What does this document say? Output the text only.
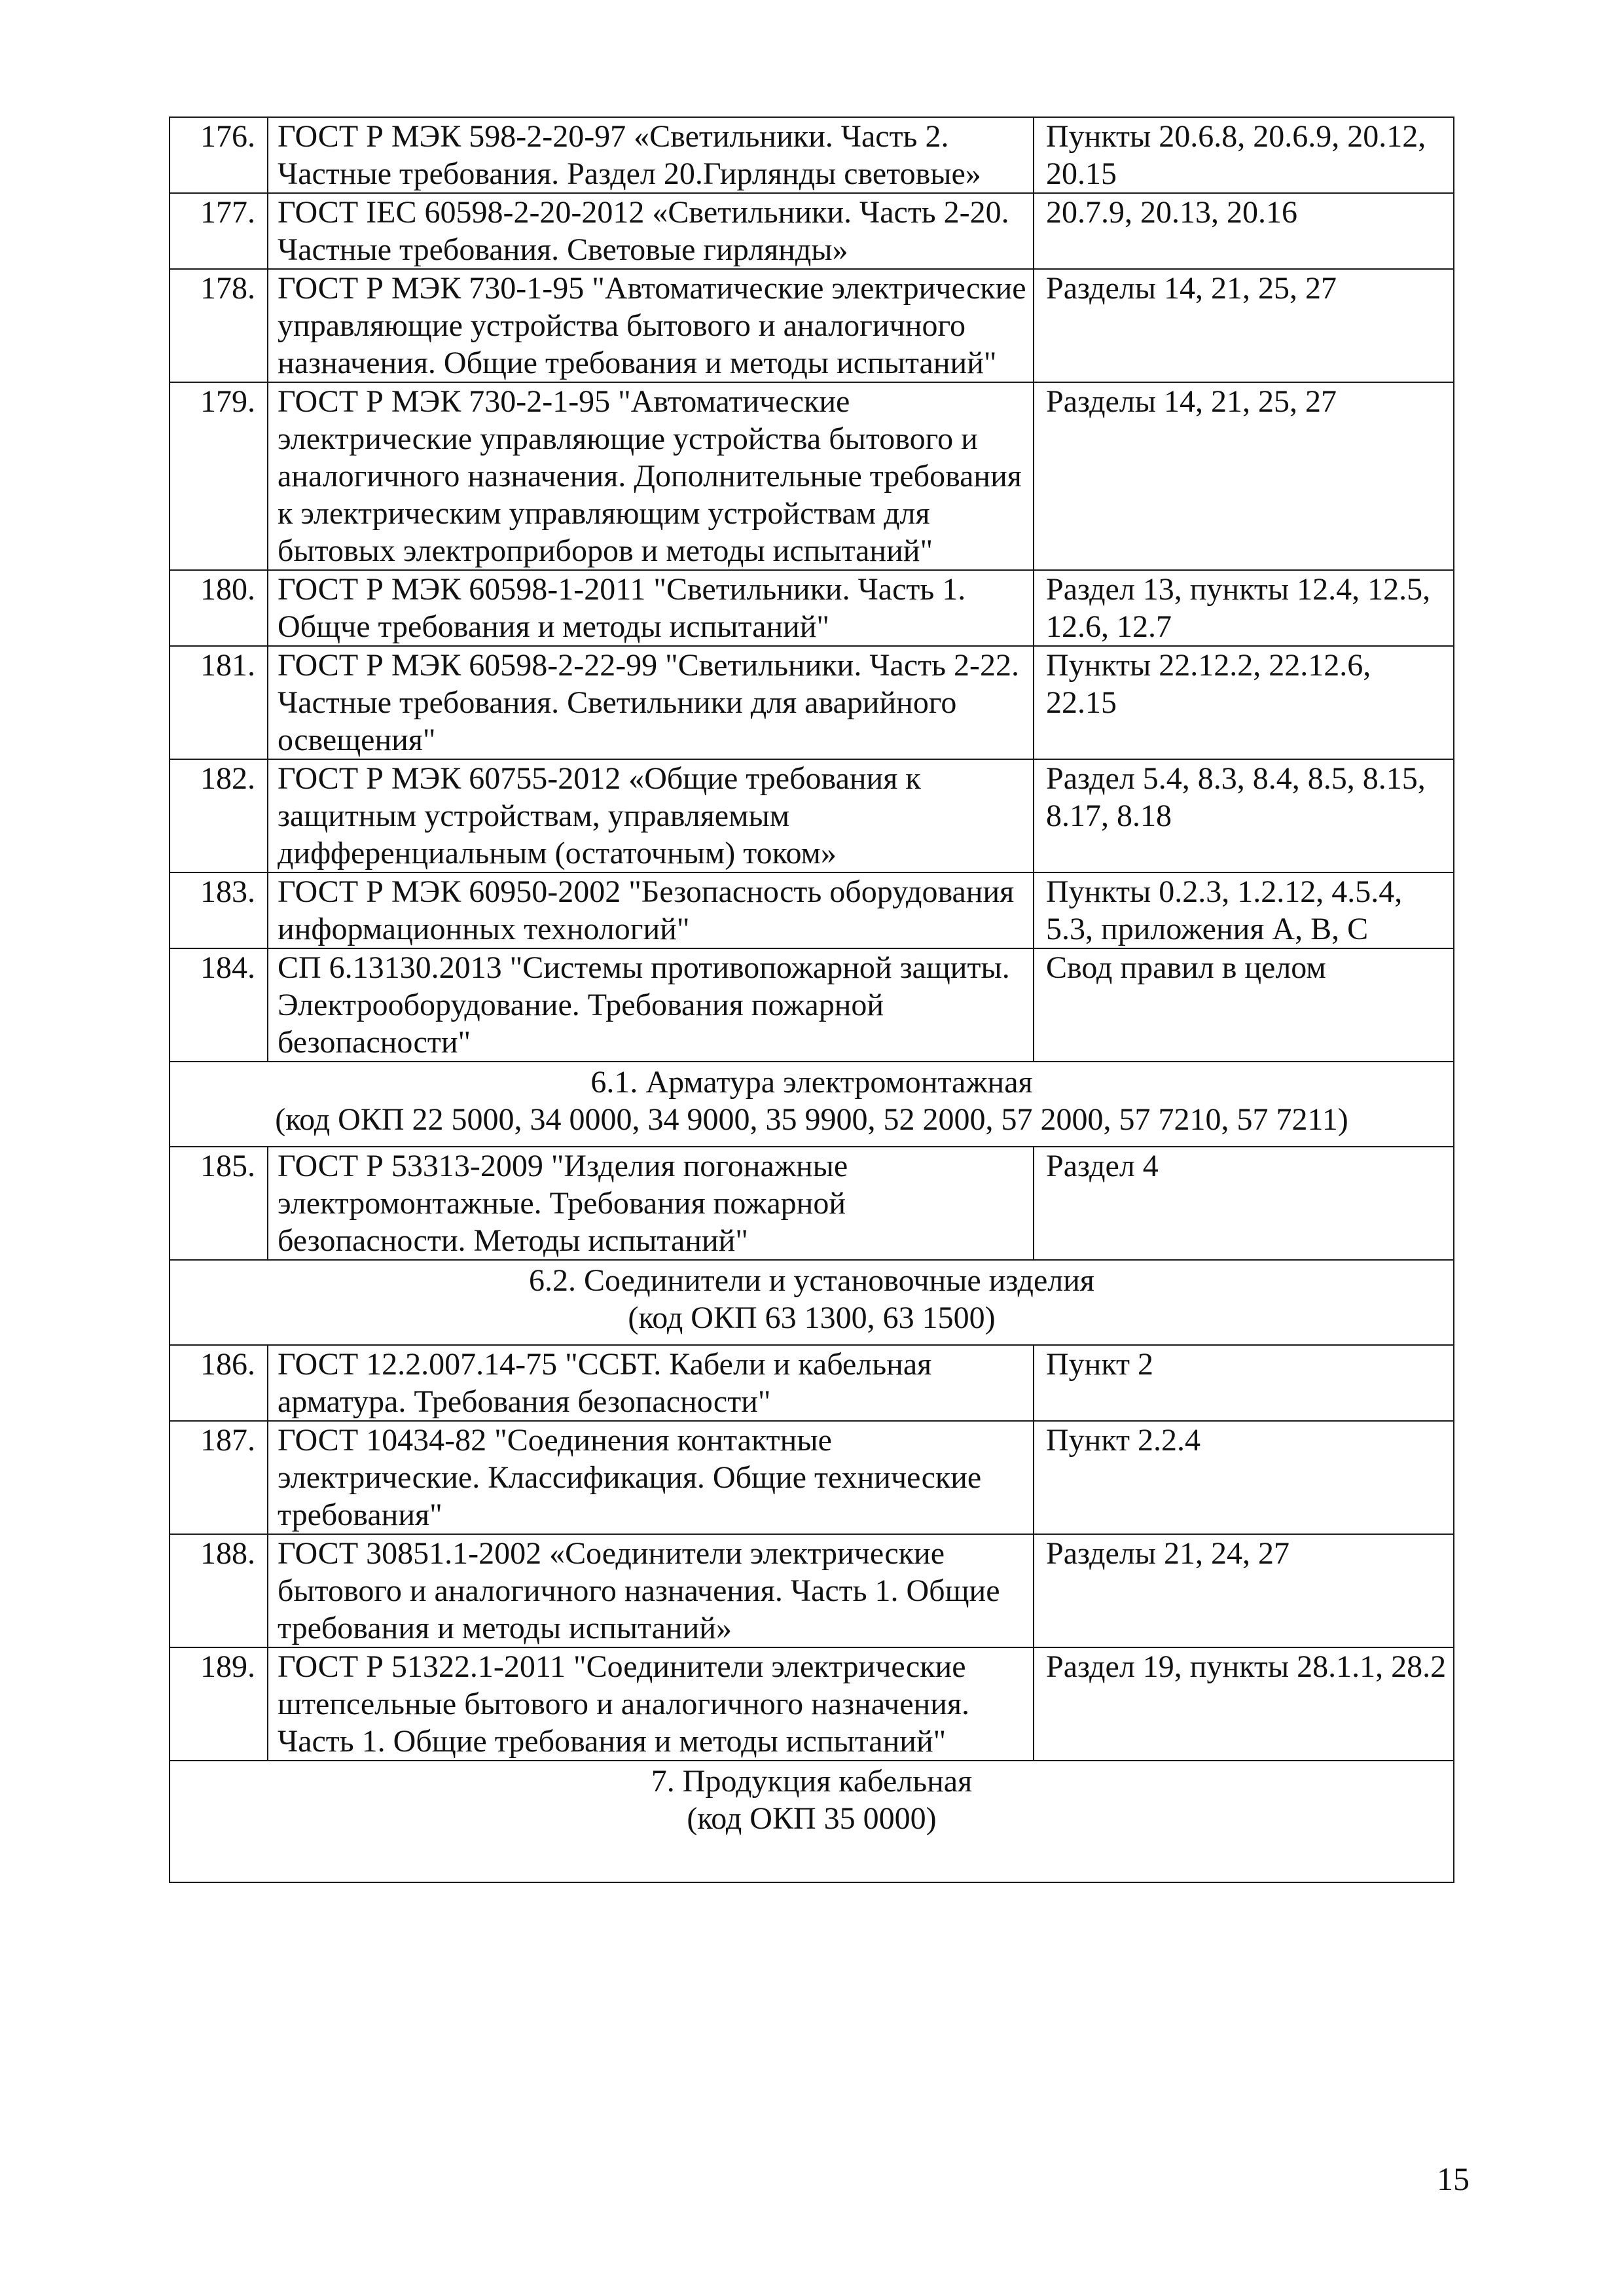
176.	ГОСТ Р МЭК 598-2-20-97 «Светильники. Часть 2. Частные требования. Раздел 20.Гирлянды световые»	Пункты 20.6.8, 20.6.9, 20.12, 20.15
177.	ГОСТ IEC 60598-2-20-2012 «Светильники. Часть 2-20. Частные требования. Световые гирлянды»	20.7.9, 20.13, 20.16
178.	ГОСТ Р МЭК 730-1-95 "Автоматические электрические управляющие устройства бытового и аналогичного назначения. Общие требования и методы испытаний"	Разделы 14, 21, 25, 27
179.	ГОСТ Р МЭК 730-2-1-95 "Автоматические электрические управляющие устройства бытового и аналогичного назначения. Дополнительные требования к электрическим управляющим устройствам для бытовых электроприборов и методы испытаний"	Разделы 14, 21, 25, 27
180.	ГОСТ Р МЭК 60598-1-2011 "Светильники. Часть 1. Общче требования и методы испытаний"	Раздел 13, пункты 12.4, 12.5, 12.6, 12.7
181.	ГОСТ Р МЭК 60598-2-22-99 "Светильники. Часть 2-22. Частные требования. Светильники для аварийного освещения"	Пункты 22.12.2, 22.12.6, 22.15
182.	ГОСТ Р МЭК 60755-2012 «Общие требования к защитным устройствам, управляемым дифференциальным (остаточным) током»	Раздел 5.4, 8.3, 8.4, 8.5, 8.15, 8.17, 8.18
183.	ГОСТ Р МЭК 60950-2002 "Безопасность оборудования информационных технологий"	Пункты 0.2.3, 1.2.12, 4.5.4, 5.3, приложения А, В, С
184.	СП 6.13130.2013 "Системы противопожарной защиты. Электрооборудование. Требования пожарной безопасности"	Свод правил в целом

6.1. Арматура электромонтажная
(код ОКП 22 5000, 34 0000, 34 9000, 35 9900, 52 2000, 57 2000, 57 7210, 57 7211)		

185.	ГОСТ Р 53313-2009 "Изделия погонажные электромонтажные. Требования пожарной безопасности. Методы испытаний"	Раздел 4

6.2. Соединители и установочные изделия
(код ОКП 63 1300, 63 1500)		

186.	ГОСТ 12.2.007.14-75 "ССБТ. Кабели и кабельная арматура. Требования безопасности"	Пункт 2
187.	ГОСТ 10434-82 "Соединения контактные электрические. Классификация. Общие технические требования"	Пункт 2.2.4
188.	ГОСТ 30851.1-2002 «Соединители электрические бытового и аналогичного назначения. Часть 1. Общие требования и методы испытаний»	Разделы 21, 24, 27
189.	ГОСТ Р 51322.1-2011 "Соединители электрические штепсельные бытового и аналогичного назначения. Часть 1. Общие требования и методы испытаний"	Раздел 19, пункты 28.1.1, 28.2

7. Продукция кабельная
(код ОКП 35 0000)		
15
